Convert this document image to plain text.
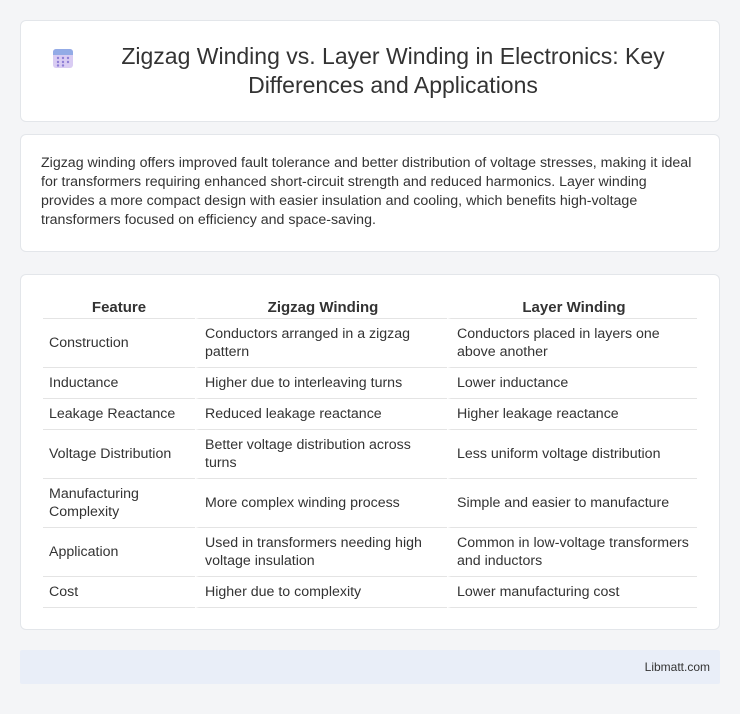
Zigzag Winding vs. Layer Winding in Electronics: Key Differences and Applications

Zigzag winding offers improved fault tolerance and better distribution of voltage stresses, making it ideal for transformers requiring enhanced short-circuit strength and reduced harmonics. Layer winding provides a more compact design with easier insulation and cooling, which benefits high-voltage transformers focused on efficiency and space-saving.

Feature	Zigzag Winding	Layer Winding
Construction	Conductors arranged in a zigzag pattern	Conductors placed in layers one above another
Inductance	Higher due to interleaving turns	Lower inductance
Leakage Reactance	Reduced leakage reactance	Higher leakage reactance
Voltage Distribution	Better voltage distribution across turns	Less uniform voltage distribution
Manufacturing Complexity	More complex winding process	Simple and easier to manufacture
Application	Used in transformers needing high voltage insulation	Common in low-voltage transformers and inductors
Cost	Higher due to complexity	Lower manufacturing cost
Libmatt.com
